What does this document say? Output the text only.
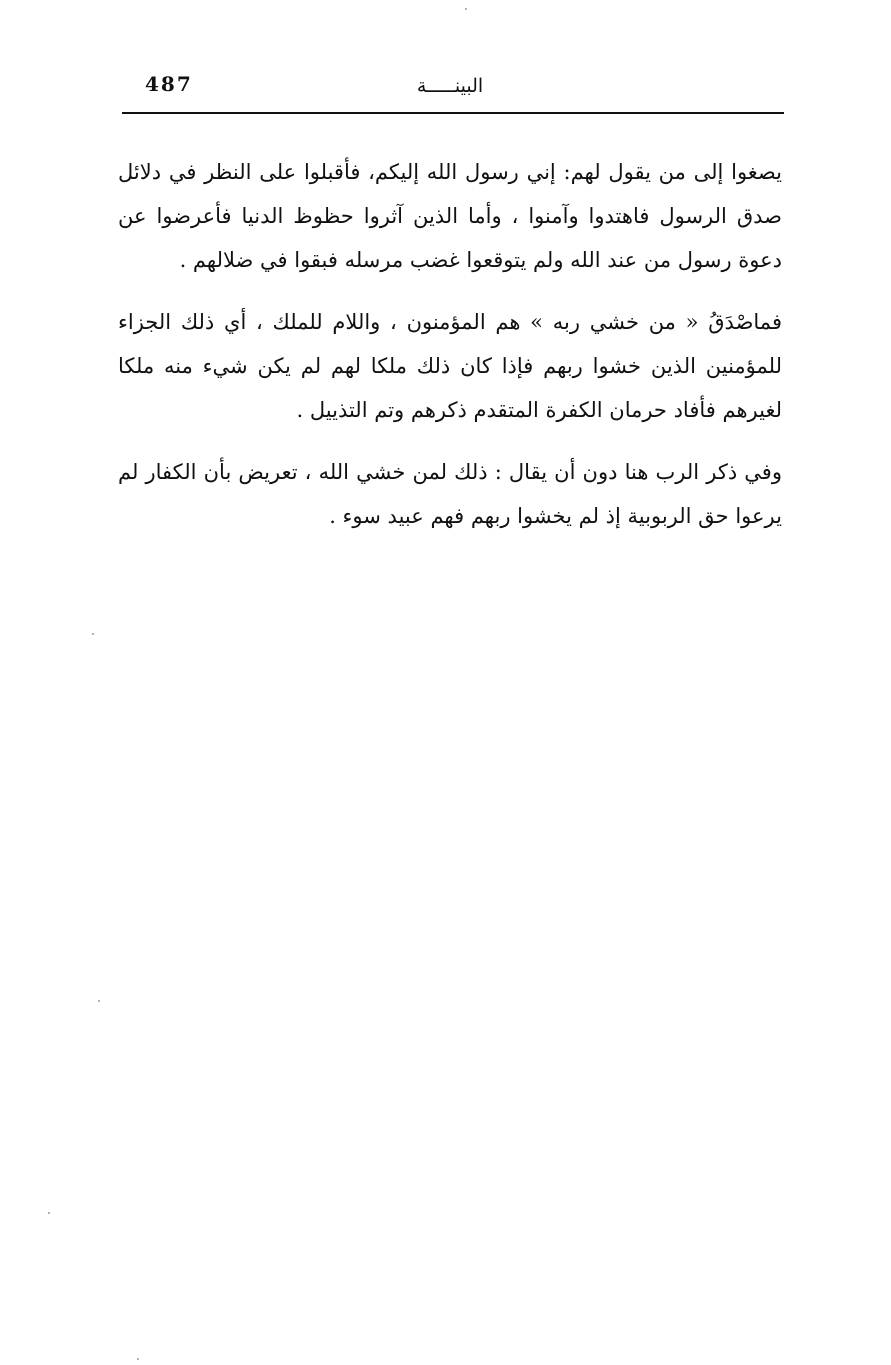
487	البينـــــة

يصغوا إلى من يقول لهم: إني رسول الله إليكم، فأقبلوا على النظر في دلائل صدق الرسول فاهتدوا وآمنوا ، وأما الذين آثروا حظوظ الدنيا فأعرضوا عن دعوة رسول من عند الله ولم يتوقعوا غضب مرسله فبقوا في ضلالهم .

فماصْدَقُ « من خشي ربه » هم المؤمنون ، واللام للملك ، أي ذلك الجزاء للمؤمنين الذين خشوا ربهم فإذا كان ذلك ملكا لهم لم يكن شيء منه ملكا لغيرهم فأفاد حرمان الكفرة المتقدم ذكرهم وتم التذييل .

وفي ذكر الرب هنا دون أن يقال : ذلك لمن خشي الله ، تعريض بأن الكفار لم يرعوا حق الربوبية إذ لم يخشوا ربهم فهم عبيد سوء .
